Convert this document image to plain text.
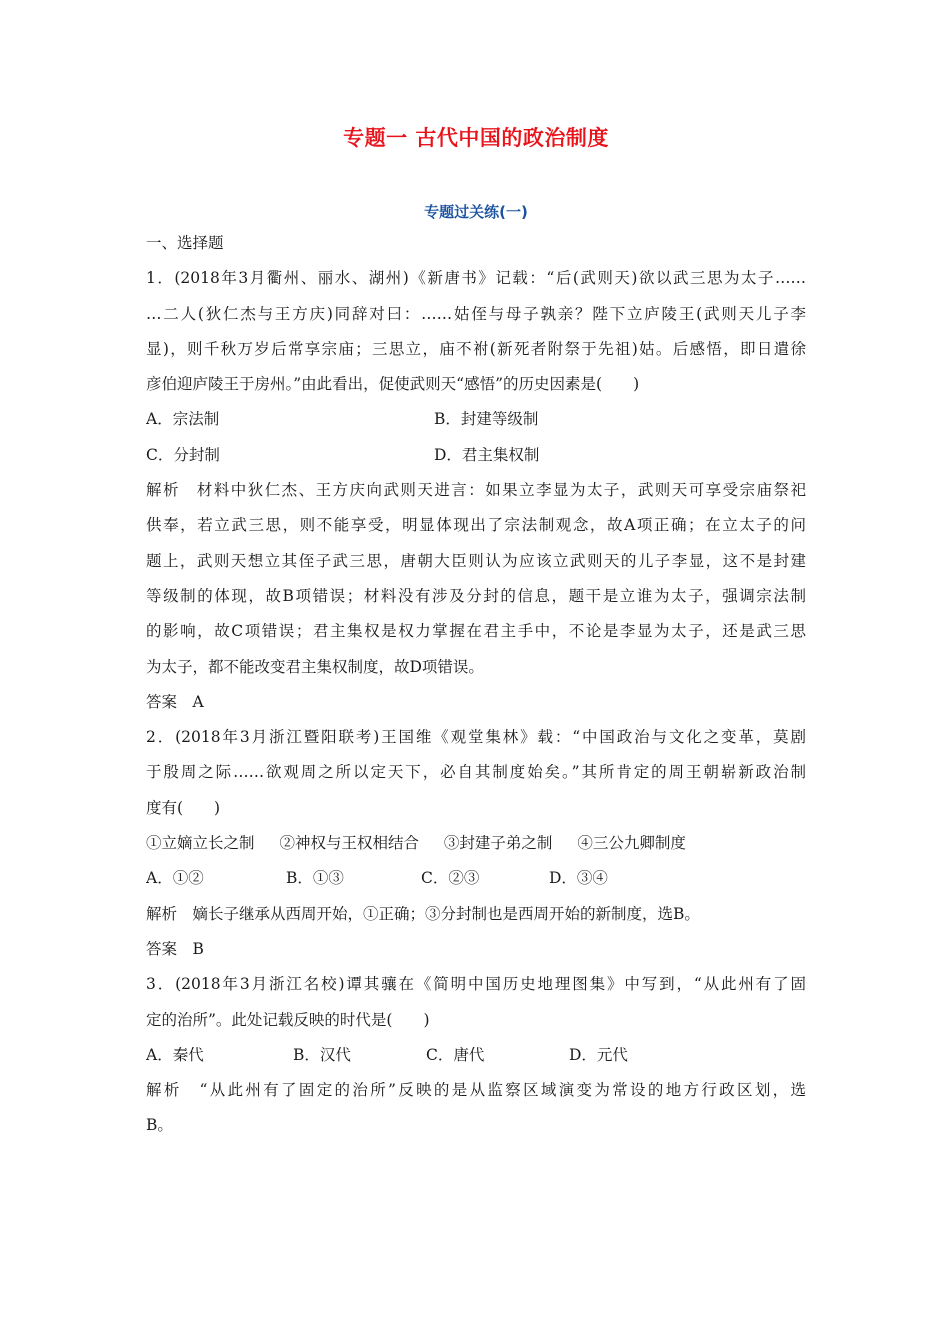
专题一 古代中国的政治制度
专题过关练(一)
一、选择题
1．(2018年3月衢州、丽水、湖州)《新唐书》记载：“后(武则天)欲以武三思为太子……
…二人(狄仁杰与王方庆)同辞对曰：……姑侄与母子孰亲？陛下立庐陵王(武则天儿子李
显)，则千秋万岁后常享宗庙；三思立，庙不祔(新死者附祭于先祖)姑。后感悟，即日遣徐
彦伯迎庐陵王于房州。”由此看出，促使武则天“感悟”的历史因素是(　　)
A．宗法制	B．封建等级制
C．分封制	D．君主集权制
解析　材料中狄仁杰、王方庆向武则天进言：如果立李显为太子，武则天可享受宗庙祭祀
供奉，若立武三思，则不能享受，明显体现出了宗法制观念，故A项正确；在立太子的问
题上，武则天想立其侄子武三思，唐朝大臣则认为应该立武则天的儿子李显，这不是封建
等级制的体现，故B项错误；材料没有涉及分封的信息，题干是立谁为太子，强调宗法制
的影响，故C项错误；君主集权是权力掌握在君主手中，不论是李显为太子，还是武三思
为太子，都不能改变君主集权制度，故D项错误。
答案　A
2．(2018年3月浙江暨阳联考)王国维《观堂集林》载：“中国政治与文化之变革，莫剧
于殷周之际……欲观周之所以定天下，必自其制度始矣。”其所肯定的周王朝崭新政治制
度有(　　)
①立嫡立长之制 ②神权与王权相结合 ③封建子弟之制 ④三公九卿制度
A．①②	B．①③	C．②③	D．③④
解析　嫡长子继承从西周开始，①正确；③分封制也是西周开始的新制度，选B。
答案　B
3．(2018年3月浙江名校)谭其骧在《简明中国历史地理图集》中写到，“从此州有了固
定的治所”。此处记载反映的时代是(　　)
A．秦代	B．汉代	C．唐代	D．元代
解析　“从此州有了固定的治所”反映的是从监察区域演变为常设的地方行政区划，选
B。
